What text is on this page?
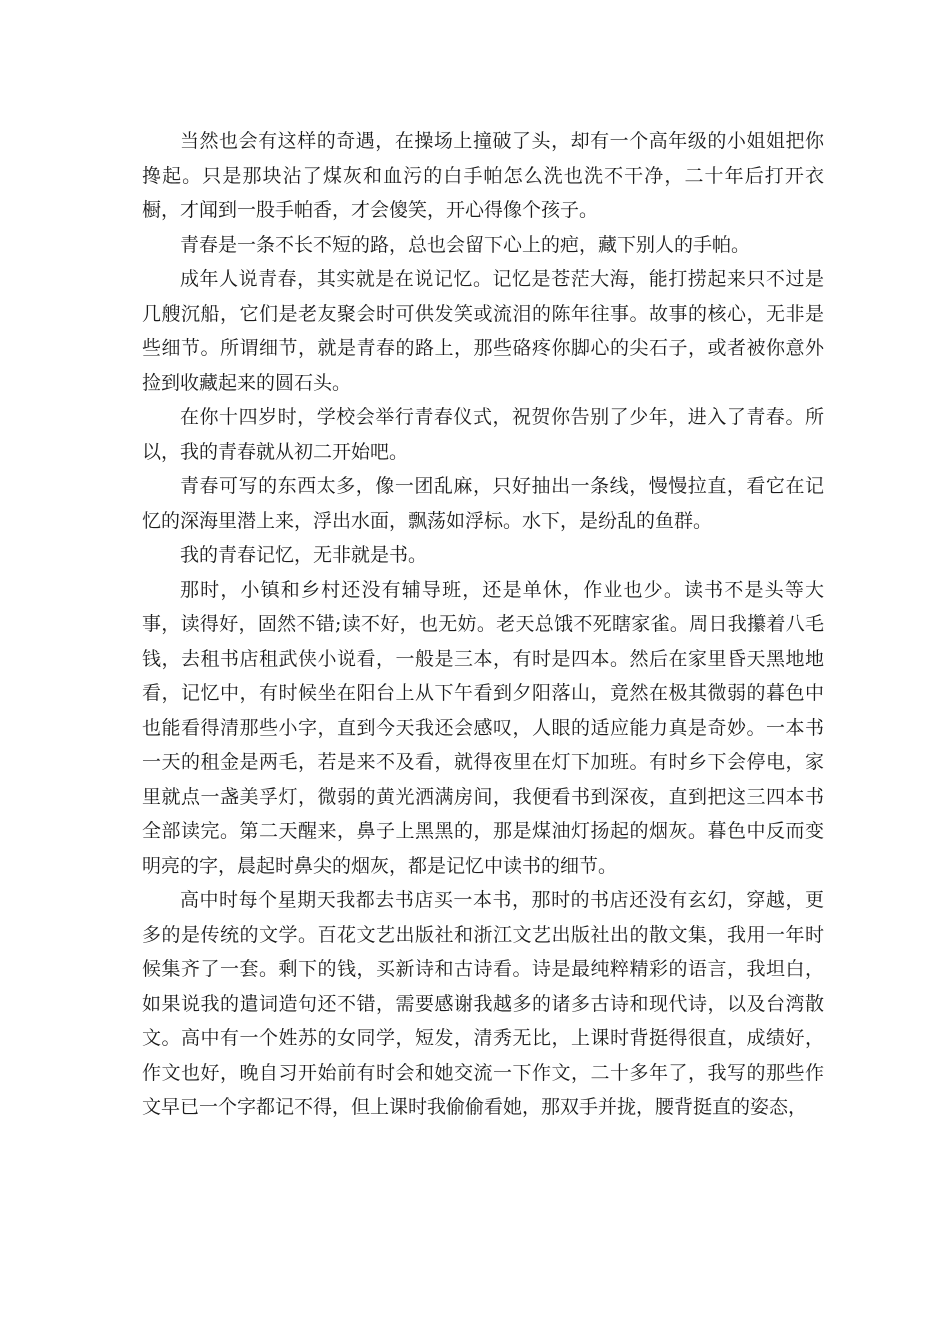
当然也会有这样的奇遇，在操场上撞破了头，却有一个高年级的小姐姐把你搀起。只是那块沾了煤灰和血污的白手帕怎么洗也洗不干净，二十年后打开衣橱，才闻到一股手帕香，才会傻笑，开心得像个孩子。

青春是一条不长不短的路，总也会留下心上的疤，藏下别人的手帕。

成年人说青春，其实就是在说记忆。记忆是苍茫大海，能打捞起来只不过是几艘沉船，它们是老友聚会时可供发笑或流泪的陈年往事。故事的核心，无非是些细节。所谓细节，就是青春的路上，那些硌疼你脚心的尖石子，或者被你意外捡到收藏起来的圆石头。

在你十四岁时，学校会举行青春仪式，祝贺你告别了少年，进入了青春。所以，我的青春就从初二开始吧。

青春可写的东西太多，像一团乱麻，只好抽出一条线，慢慢拉直，看它在记忆的深海里潜上来，浮出水面，飘荡如浮标。水下，是纷乱的鱼群。

我的青春记忆，无非就是书。

那时，小镇和乡村还没有辅导班，还是单休，作业也少。读书不是头等大事，读得好，固然不错;读不好，也无妨。老天总饿不死瞎家雀。周日我攥着八毛钱，去租书店租武侠小说看，一般是三本，有时是四本。然后在家里昏天黑地地看，记忆中，有时候坐在阳台上从下午看到夕阳落山，竟然在极其微弱的暮色中也能看得清那些小字，直到今天我还会感叹，人眼的适应能力真是奇妙。一本书一天的租金是两毛，若是来不及看，就得夜里在灯下加班。有时乡下会停电，家里就点一盏美孚灯，微弱的黄光洒满房间，我便看书到深夜，直到把这三四本书全部读完。第二天醒来，鼻子上黑黑的，那是煤油灯扬起的烟灰。暮色中反而变明亮的字，晨起时鼻尖的烟灰，都是记忆中读书的细节。

高中时每个星期天我都去书店买一本书，那时的书店还没有玄幻，穿越，更多的是传统的文学。百花文艺出版社和浙江文艺出版社出的散文集，我用一年时候集齐了一套。剩下的钱，买新诗和古诗看。诗是最纯粹精彩的语言，我坦白，如果说我的遣词造句还不错，需要感谢我越多的诸多古诗和现代诗，以及台湾散文。高中有一个姓苏的女同学，短发，清秀无比，上课时背挺得很直，成绩好，作文也好，晚自习开始前有时会和她交流一下作文，二十多年了，我写的那些作文早已一个字都记不得，但上课时我偷偷看她，那双手并拢，腰背挺直的姿态，
